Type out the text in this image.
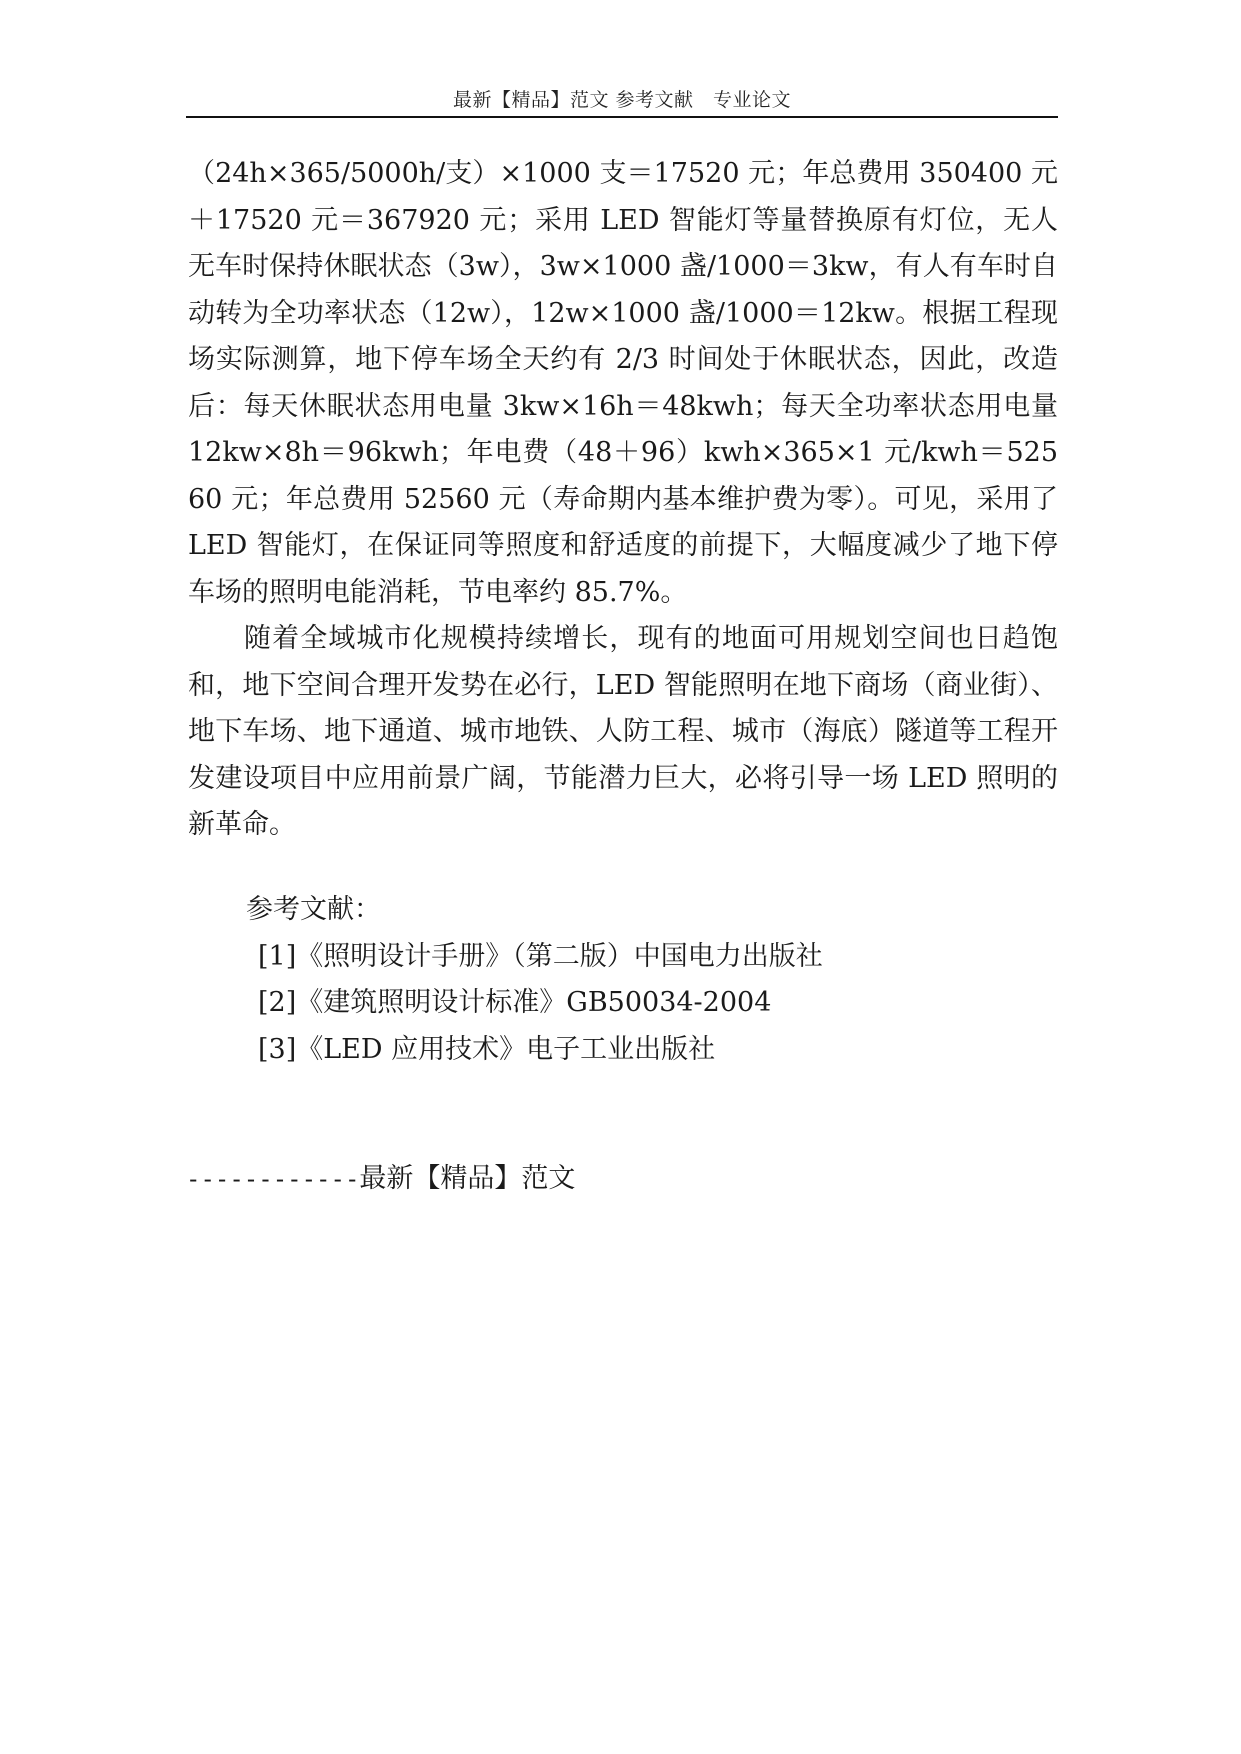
最新【精品】范文 参考文献　专业论文

（24h×365/5000h/支）×1000 支＝17520 元；年总费用 350400 元＋17520 元＝367920 元；采用 LED 智能灯等量替换原有灯位，无人无车时保持休眠状态（3w），3w×1000 盏/1000＝3kw，有人有车时自动转为全功率状态（12w），12w×1000 盏/1000＝12kw。根据工程现场实际测算，地下停车场全天约有 2/3 时间处于休眠状态，因此，改造后：每天休眠状态用电量 3kw×16h＝48kwh；每天全功率状态用电量 12kw×8h＝96kwh；年电费（48＋96）kwh×365×1 元/kwh＝52560 元；年总费用 52560 元（寿命期内基本维护费为零）。可见，采用了 LED 智能灯，在保证同等照度和舒适度的前提下，大幅度减少了地下停车场的照明电能消耗，节电率约 85.7%。

随着全域城市化规模持续增长，现有的地面可用规划空间也日趋饱和，地下空间合理开发势在必行，LED 智能照明在地下商场（商业街）、地下车场、地下通道、城市地铁、人防工程、城市（海底）隧道等工程开发建设项目中应用前景广阔，节能潜力巨大，必将引导一场 LED 照明的新革命。

参考文献：

[1]《照明设计手册》（第二版）中国电力出版社

[2]《建筑照明设计标准》GB50034-2004

[3]《LED 应用技术》电子工业出版社

------------最新【精品】范文
